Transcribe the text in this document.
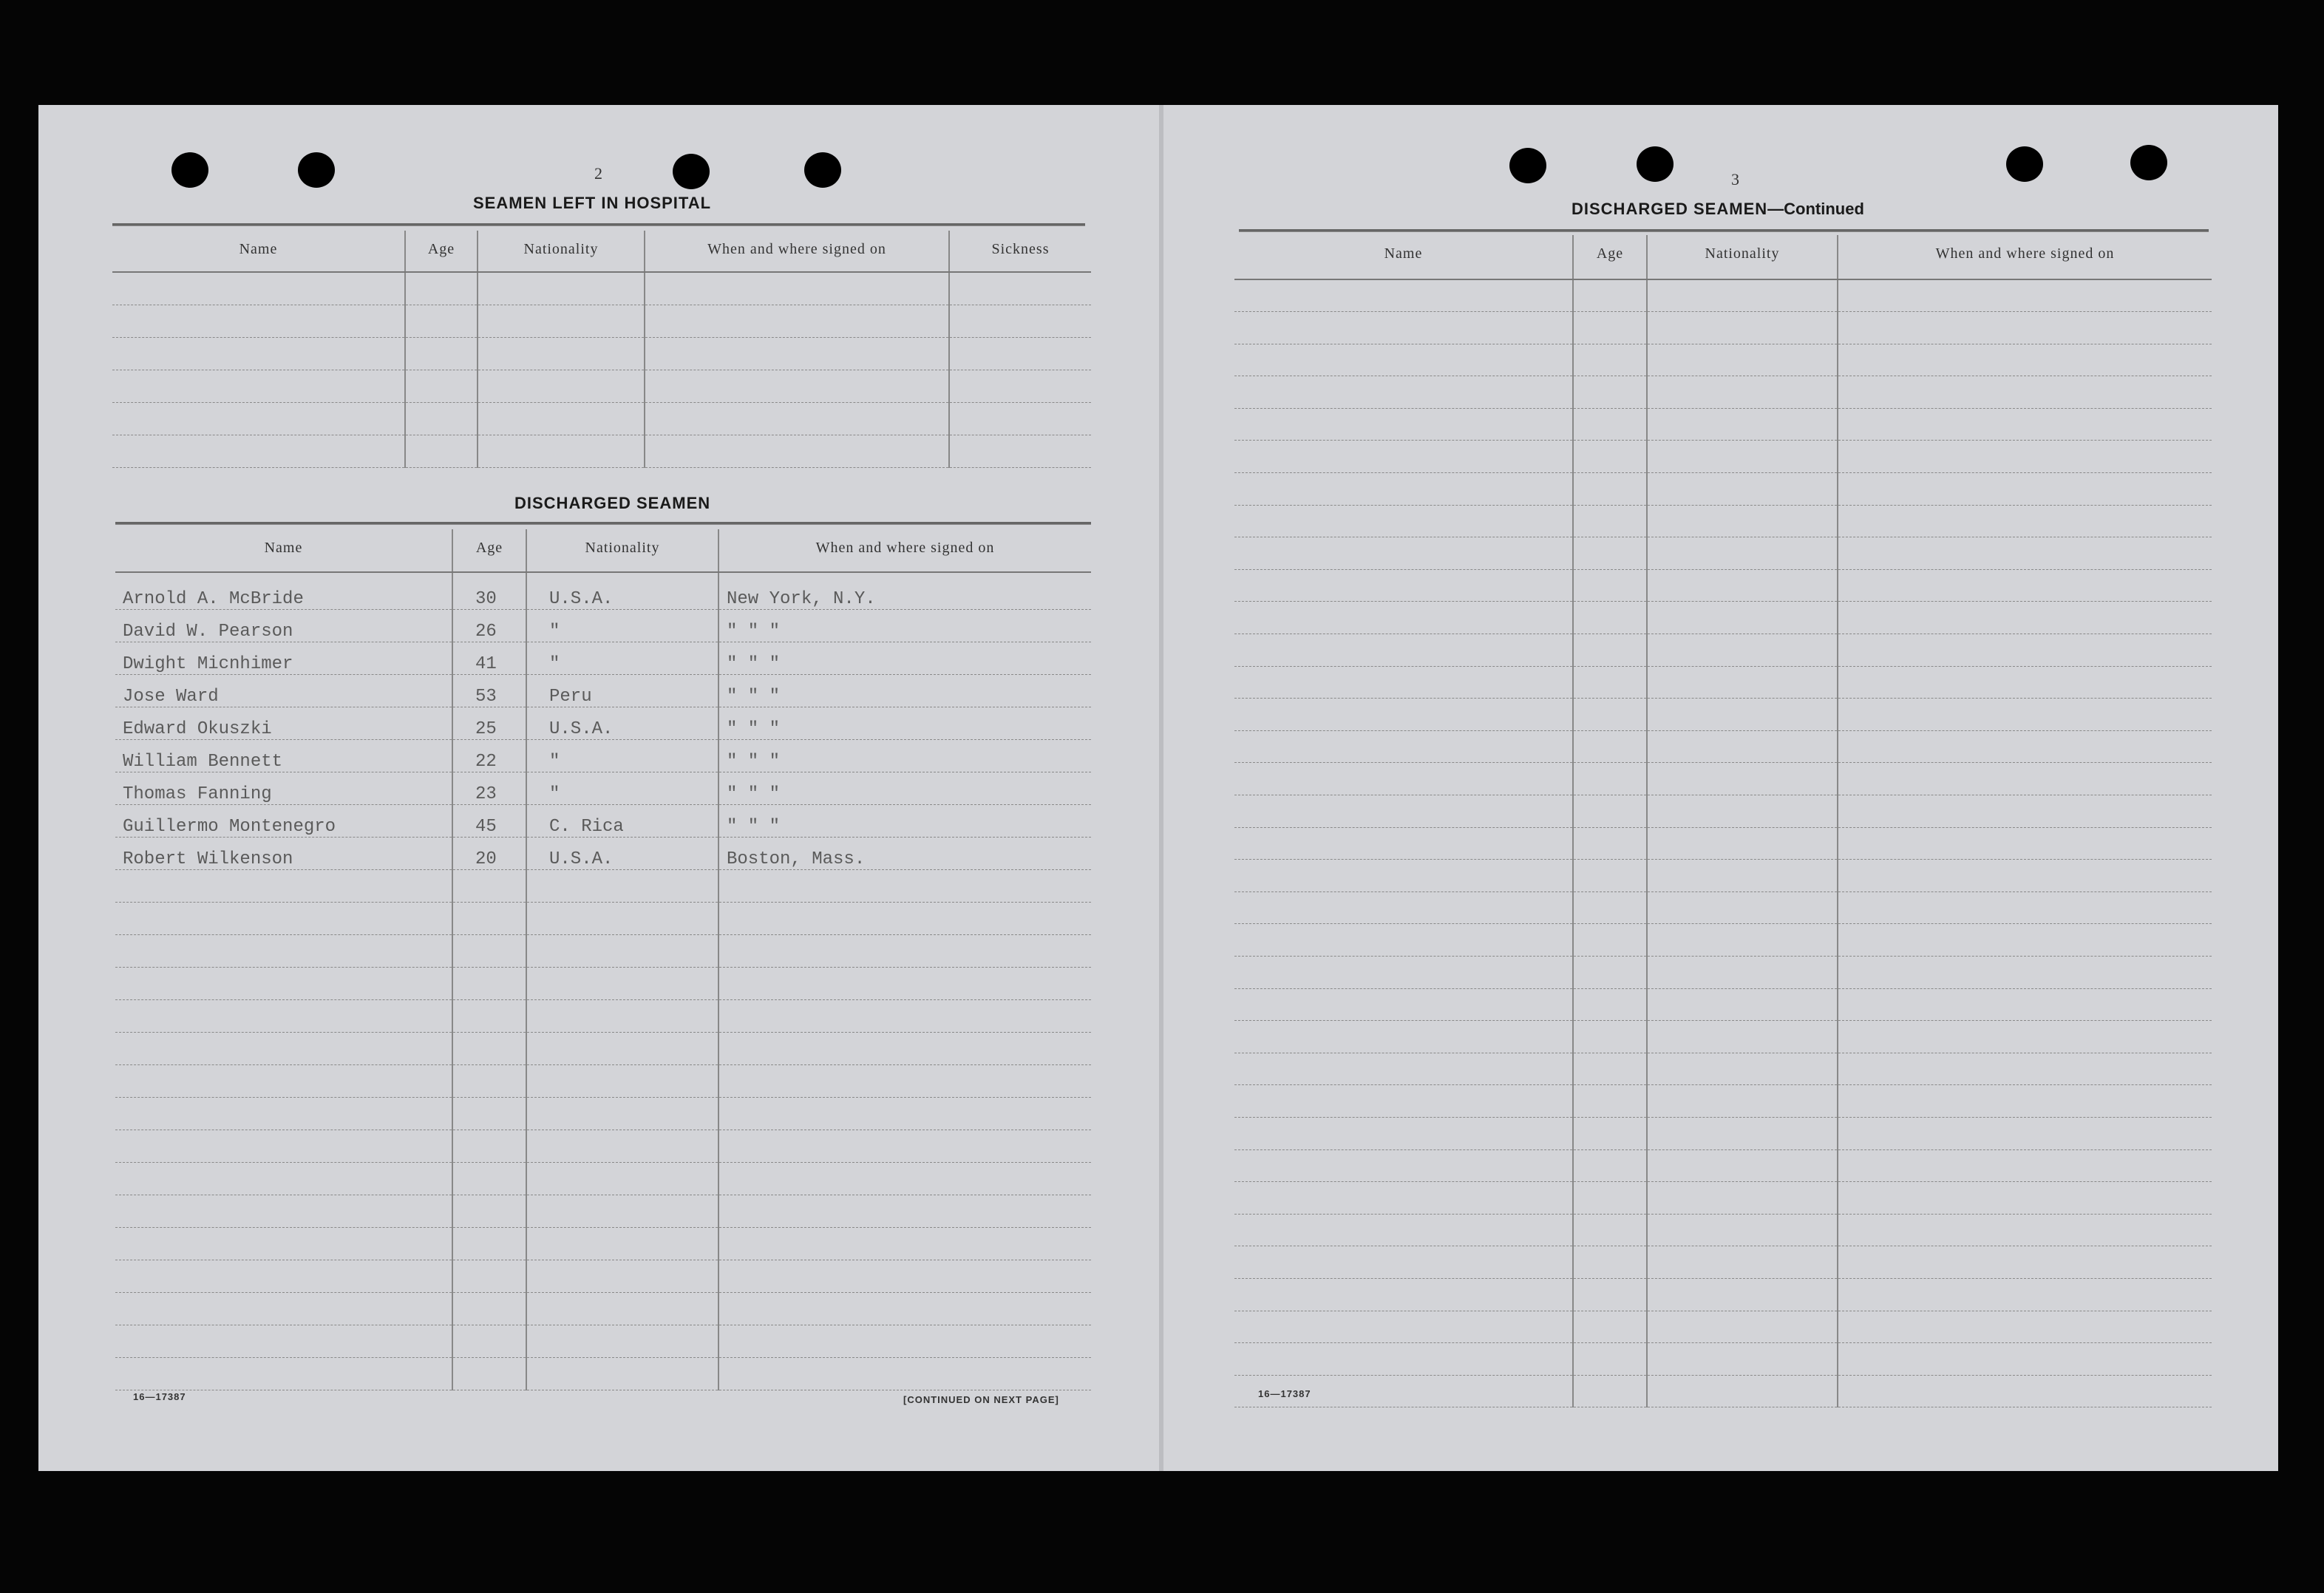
2
SEAMEN LEFT IN HOSPITAL
Name	Age	Nationality	When and where signed on	Sickness

DISCHARGED SEAMEN
Name	Age	Nationality	When and where signed on
Arnold A. McBride	30	U.S.A.	New York, N.Y.
David W. Pearson	26	"	" " "
Dwight Micnhimer	41	"	" " "
Jose Ward	53	Peru	" " "
Edward Okuszki	25	U.S.A.	" " "
William Bennett	22	"	" " "
Thomas Fanning	23	"	" " "
Guillermo Montenegro	45	C. Rica	" " "
Robert Wilkenson	20	U.S.A.	Boston, Mass.

16—17387	[CONTINUED ON NEXT PAGE]
3
DISCHARGED SEAMEN—Continued
Name	Age	Nationality	When and where signed on

16—17387
